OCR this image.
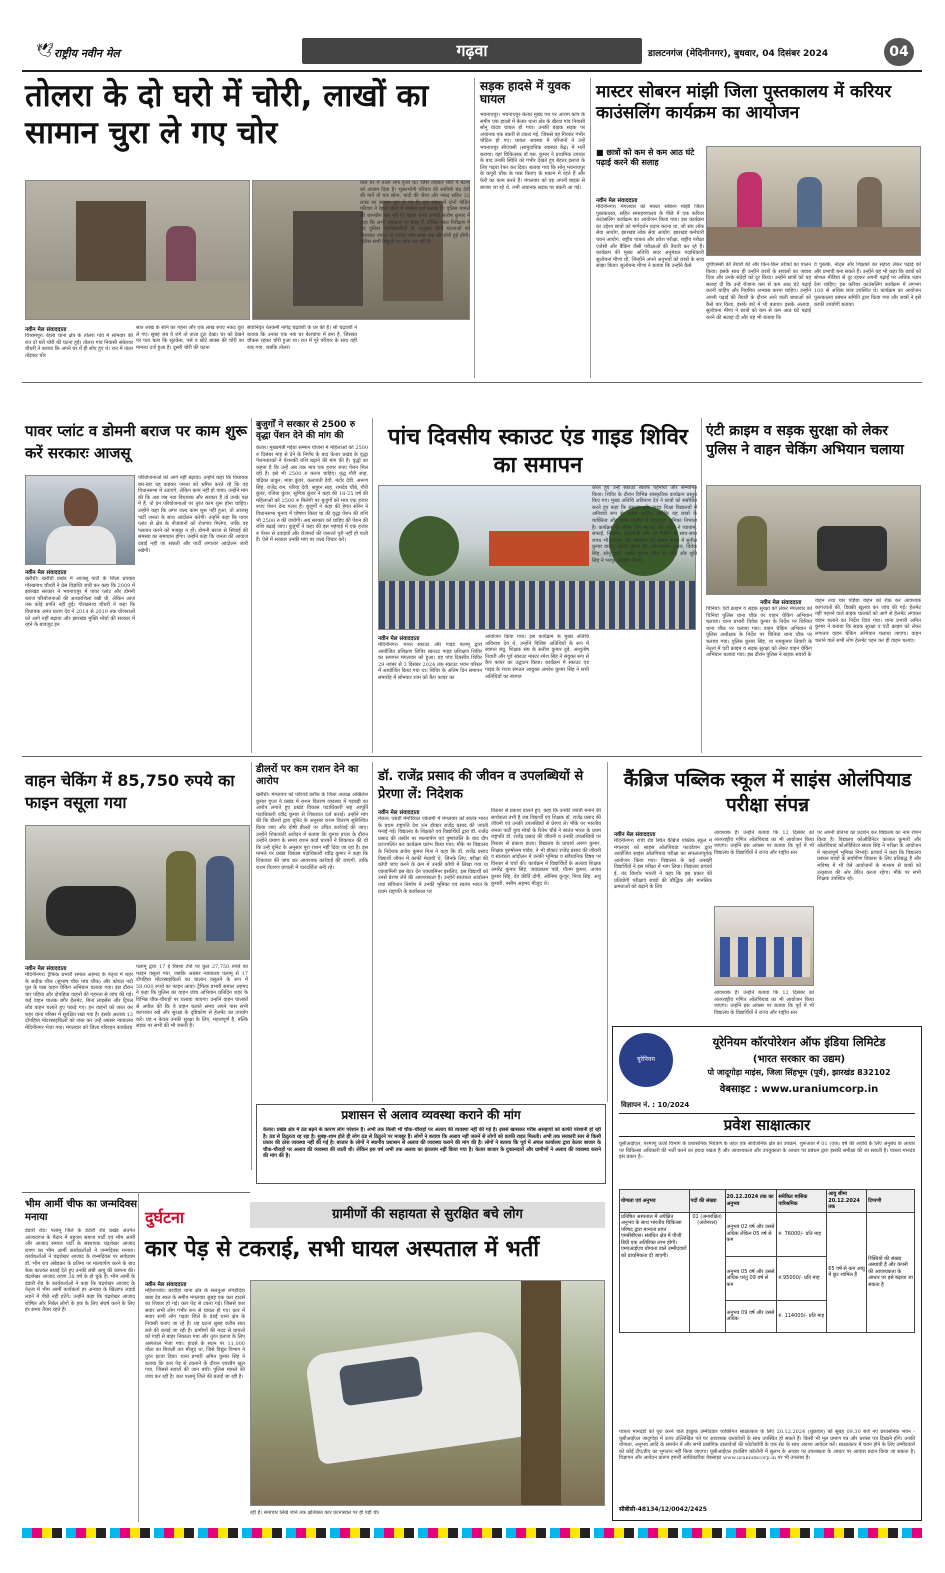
🕊 राष्ट्रीय नवीन मेल	गढ़वा	डालटनगंज (मेदिनीनगर), बुधवार, 04 दिसंबर 2024	04
तोलरा के दो घरो में चोरी, लाखों का सामान चुरा ले गए चोर
नवीन मेल संवाददाता
विश्रामपुर। रेहला थाना क्षेत्र के तोलरा गांव में सोमवार की रात दो घरों चोरी की घटना हुई। तोलरा गांव निवासी संकेश्वर चौधरी ने बताया कि अपने घर में ही सोए हुए थे। रात में ताला तोड़कर चोर
सात लाख के सोने का गहना और एक लाख रुपए नकद चुरा ले गए। सुबह जब वे जगे तो ताला टूटा देखा। घर को देखने पर पता चला कि सूटकेस, पर्स व छोटे बाक्स की चोरी का मामला दर्ज हुआ है। दूसरी चोरी की घटना
सेवानिवृत रेलकर्मी नागेंद्र चंद्रवंशी के घर की है। श्री चंद्रवंशी ने बताया कि उनका एक नया घर बेलचांपा में बना है, जिसका चौकस रहकर चोरी हुआ था। रात में पूरे परिवार के साथ वहीं रुक गया, जबकि तोलरा
वाले घर में ताला लगा हुआ था। जिसे तोड़कर चोरों ने घटना को अंजाम दिया है। भुक्तभोगी परिवार की सावित्री चंद्र देवी की मानें तो चार सोना, चांदी की जेवर और नकद सहित 32 लाख का सामान चुरा ले गए हैं। इस संबंध में दोनों पीड़ित परिवार ने रेहला थाना में मामला दर्ज कराया है। पुलिस मामले की छानबीन कर रही है। रेहला थाना प्रभारी संतोष कुमार ने कहा कि अभी अवकाश पर बाहर हैं, लेकिन स्थल निरीक्षण में गए पुलिस पदाधिकारियों के अनुसार दोनों घटनाओं को मिलाकर ज्यादा से ज्यादा पांच लाख तक की चोरी हुई होगी। पुलिस सभी बिंदुओं पर जांच कर रही है।
सड़क हादसे में युवक घायल
भवनाथपुर। भवनाथपुर-केतार मुख्य पथ पर आराम कांप के समीप एक हादसे में केतार थाना क्षेत्र के खैरवा गांव निवासी सोनू यादव घायल हो गया। उनकी बाइक सड़क पर अचानक एक बकरी से टकरा गई, जिससे वह गिरकर गंभीर चोटिल हो गए। घायल अवस्था में परिजनों ने उन्हें भवनाथपुर सीएचसी (सामुदायिक स्वास्थ्य केंद्र) में भर्ती कराया। वहां चिकित्सक डॉ एस. कुमार ने प्राथमिक उपचार के बाद उनकी स्थिति को गंभीर देखते हुए बेहतर इलाज के लिए गढ़वा रेफर कर दिया। बताया गया कि सोनू भवनाथपुर के कपूरी चौक के पास किराए के मकान में रहते हैं और फेरी का काम करते हैं। मंगलवार को वह अपनी बाइक से बाजार जा रहे थे, तभी अचानक सड़क पर बकरी आ गई।
मास्टर सोबरन मांझी जिला पुस्तकालय में करियर काउंसलिंग कार्यक्रम का आयोजन
■ छात्रों को कम से कम आठ घंटे पढ़ाई करने की सलाह
नवीन मेल संवाददाता
मेदिनीनगर। मंगलवार को मास्टर सोबरन मांझी जिला पुस्तकालय, सहित समाहरणालय के पीछे में एक करियर काउंसलिंग कार्यक्रम का आयोजन किया गया। इस कार्यक्रम का उद्देश्य छात्रों को मार्गदर्शन प्रदान करना था, जो संघ लोक सेवा आयोग, झारखंड लोक सेवा आयोग, झारखंड कर्मचारी चयन आयोग, राष्ट्रीय पात्रता और प्रवेश परीक्षा, राष्ट्रीय परीक्षा एजेंसी और बैंकिंग जैसी परीक्षाओं की तैयारी कर रहे हैं। कार्यक्रम की मुख्य अतिथि सदर अनुमंडल पदाधिकारी सुलोचना मीणा थीं, जिन्होंने अपने अनुभवों को छात्रों के साथ साझा किया। सुलोचना मीणा ने बताया कि उन्होंने कैसे	यूपीएससी की तैयारी की और किन-किन तरीकों का पालन किया। इसके साथ ही उन्होंने छात्रों के सवालों का जवाब दिया और उनके संदेहों को दूर किया। उन्होंने छात्रों को यह सलाह दी कि उन्हें रोजाना कम से कम आठ घंटे पढ़ाई करनी चाहिए और नियमित अभ्यास करना चाहिए। उन्होंने अपनी पढ़ाई की तैयारी के दौरान आने वाली बाधाओं को कैसे पार किया, इसके बारे में भी बताया। इसके अलावा, सुलोचना मीणा ने छात्रों को कम से कम आठ घंटे पढ़ाई करने की सलाह दी और यह भी बताया कि
वे पुस्तकें, नोट्स और शिक्षकों का सहारा लेकर पढ़ाई को और प्रभावी बना सकते हैं। उन्होंने यह भी कहा कि छात्रों को सोशल मीडिया से दूर रहकर अपनी पढ़ाई पर अधिक ध्यान देना चाहिए। इस करियर काउंसलिंग कार्यक्रम में लगभग 100 से अधिक छात्र उपस्थित थे। कार्यक्रम का आयोजन पुस्तकालय प्रबंधन समिति द्वारा किया गया और छात्रों ने इसे काफी उपयोगी बताया।
पावर प्लांट व डोमनी बराज पर काम शुरू करें सरकारः आजसू
नवीन मेल संवाददाता
खरौंधी। खरौंधी प्रखंड में आजसू पार्टी के जिला प्रवक्ता गोरखनाथ चौधरी ने प्रेस विज्ञप्ति जारी कर कहा कि 2009 में झारखंड सरकार ने भवनाथपुर में पावर प्लांट और डोमनी बराज परियोजनाओं की आधारशिला रखी थी, लेकिन आज तक कोई प्रगति नहीं हुई। गोरखनाथ चौधरी ने कहा कि विधायक अनंत प्रताप देव ने 2014 से 2019 तक योजनाओं को आगे नहीं बढ़ाया और झारखंड मुक्ति मोर्चा की सरकार में रहने के बावजूद इन
परियोजनाओं को आगे नहीं बढ़ाया। उन्होंने कहा कि विधायक बार-बार यह कहकर जनता को भ्रमित करते रहे कि वह विधानसभा में उठाएंगे, लेकिन काम नहीं हो पाया। उन्होंने मांग की कि अब जब नया विधायक और सरकार है तो उनके पक्ष में हैं, तो इन परियोजनाओं पर तुरंत काम शुरू होना चाहिए। उन्होंने कहा कि अगर जल्द काम शुरू नहीं हुआ, तो आजसू पार्टी जनता के साथ आंदोलन करेगी। उन्होंने कहा कि पावर प्लांट से क्षेत्र के नौजवानों को रोजगार मिलेगा, ताकि वह पलायन करने को मजबूर न हों। डोमनी बराज से सिंचाई की समस्या का समाधान होगा। उन्होंने कहा कि जनता की आवाज दबाई नहीं जा सकती और पार्टी लगातार आंदोलन जारी रखेगी।
बुजुर्गों ने सरकार से 2500 रु वृद्धा पेंशन देने की मांग की
केतार। मुख्यमंत्री मंईयां सम्मान योजना में महिलाओं को 2500 रु दिसंबर माह से देने के निर्णय के बाद केतार प्रखंड के वृद्धा पेंशनधारकों ने पेंशनकी राशि बढ़ाने की मांग की है। वृद्धों का कहना है कि उन्हें अब तक मात्र एक हजार रुपए पेंशन मिल रही है। इसे भी 2500 रु करना चाहिए। वृद्ध गौरी साह, चंद्रिका ठाकुर, माया कुंवर, कलावती देवी, मंटोर देवी, अरूण सिंह, राजेंद्र राम, परिया देवी, सत्रुघ्न साह, रामदेव चौबे, गौरी कुंवर, रजिया कुंवर, सुमित्रा कुंवर ने कहा की 18-25 वर्ष की महिलाओं को 2500 रु मिलेगी पर बुजुर्गों को मात्र एक हजार रुपए पेंशन देना गलत है। बुजुर्गों ने कहा की हेमंत सोरेन ने विधानसभा चुनाव में घोषणा किया था की वृद्धा पेंशन की राशि भी 2500 रु की जायेगी। अब सरकार को चाहिए की पेंशन की राशि बढ़ाई जाए। बुजुर्गों ने कहा की इस महंगाई में एक हजार रु पेंशन से दवाइयों और रोजमर्रा की जरूरतें पूरी नहीं हो पाती हैं। ऐसे में सरकार उनकी मांग पर जल्द विचार करे।
पांच दिवसीय स्काउट एंड गाइड शिविर का समापन
नवीन मेल संवाददाता
मेदिनीनगर। भारत स्काउट और गाइड पलामू द्वारा आयोजित प्रशिक्षण शिविर स्काउट गाइड प्रशिक्षण शिविर का समापन मंगलवार को हुआ। यह पांच दिवसीय शिविर 29 नवंबर से 3 दिसंबर 2024 तक स्काउट भवन परिसर में आयोजित किया गया था। शिविर के अंतिम दिन समापन समारोह में सोमवार शाम को कैंप फायर का
आयोजन किया गया। इस कार्यक्रम के मुख्य अतिथि अविनाश देव थे, उन्होंने विशिष्ट अतिथियों के रूप में स्वागत बंधु, शिक्षक संघ के सतीश कुमार दुबे, आशुतोष तिवारी और पूर्व स्काउट मास्टर रमेश सिंह ने संयुक्त रूप से कैंप फायर का उद्घाटन किया। कार्यक्रम में स्काउट एंड गाइड के राज्य संगठन आयुक्त अमरेश कुमार सिंह ने सभी अतिथियों का स्वागत
करते हुए उन्हें स्काउट स्कार्फ पहनाया और सम्मानित किया। शिविर के दौरान विभिन्न सांस्कृतिक कार्यक्रम प्रस्तुत किए गए। मुख्य अतिथि अविनाश देव ने छात्रों को संबोधित करते हुए कहा कि स्काउट और गाइड शिक्षा विद्यालयों में अनिवार्य रूप से चलना चाहिए, क्योंकि यह छात्रों के व्यक्तित्व और चरित्र निर्माण में महत्वपूर्ण भूमिका निभाता है। कार्यक्रम के अंतिम दिन स्काउट और गाइड ने व्यायाम, सफाई, नियंत्रण, इंडोलॉजी और टेंट पिचिंग के साथ-साथ शपथ भी कराया। इस कार्यक्रम को सफल बनाने में सुनील कुमार यादव, अमित कुमार झा, ओमप्रकाश कुमार, विवेक सिंह, सोनू शर्मा, प्रशांत कुमार, प्रिंस देव सिंह और श्रुति सिंह ने भरपूर सहयोग किया।
एंटी क्राइम व सड़क सुरक्षा को लेकर पुलिस ने वाहन चेकिंग अभियान चलाया
नवीन मेल संवाददाता
चिनियां। एंटी क्राइम व सड़क सुरक्षा को लेकर मंगलवार को चिनियां पुलिस थाना चौक पर वाहन चेकिंग अभियान चलाया। थाना प्रभारी विवेक कुमार के निर्देश पर चिनियां थाना चौक पर चलाया गया। वाहन चेकिंग अभियान में पुलिस अधीक्षक के निर्देश पर चिनियां थाना चौक पर चलाया गया। पुलिस कुमार सिंह, पा रामकुमार तिवारी के नेतृत्व में एंटी क्राइम व सड़क सुरक्षा को लेकर वाहन चेकिंग अभियान चलाया गया। इस दौरान पुलिस ने बाइक सवारों के
वाहन तथा चार पहिया वाहन को रोक कर आवश्यक कागजातों की, डिक्की खुलवा कर जांच की गई। हेलमेट नहीं पहनने वाले बाइक चालकों को आगे से हेलमेट लगाकर वाहन चलाने का निर्देश दिया गया। थाना प्रभारी अमित कुमार ने बताया कि सड़क सुरक्षा व एंटी क्राइम को लेकर लगातार वाहन चेकिंग अभियान चलाया जाएगा। वाहन चलाने वाले सभी लोग हेलमेट पहन कर ही वाहन चलाएं।
वाहन चेकिंग में 85,750 रुपये का फाइन वसूला गया
नवीन मेल संवाददाता
मेदिनीनगर। ट्रैफिक प्रभारी समाल अहमद के नेतृत्व में शहर के सदीक चौक (सुभाष चौक पांच चौक) और कोयल नदी पुल के पास वाहन चेकिंग अभियान चलाया गया। इस दौरान चार पहिया और दोपहिया वाहनों की गहनता से जांच की गई। कई वाहन चालक बगैर हेलमेट, बिना लाइसेंस और ट्रिपल लोड वाहन चलाते हुए पकड़े गए। इन वाहनों को जब्त कर शहर थाना परिसर में सुरक्षित रखा गया है। इसके अलावा 13 दोपहिया मोटरसाइकिलों को जब्त कर उन्हें अग्रसर न्यायालय मेदिनीनगर भेजा गया। मंगलवार को जिला परिवहन कार्यालय
पलामू द्वारा 17 ई रिक्शा टेंपो पर कुल 27,750 रुपये का फाइन वसूला गया, जबकि अग्रसर न्यायालय पलामू से 17 दोपहिया मोटरसाइकिलों का चालान वसूलने के रूप में 58,000 रुपये का फाइन आया। ट्रैफिक प्रभारी समाल अहमद ने कहा कि पुलिस का वाहन जांच अभियान प्रतिदिन शहर के विभिन्न चौक-चौराहों पर चलाया जाएगा। उन्होंने वाहन चालकों से अपील की कि वे वाहन चलाते समय अपने पास सभी कागजात रखें और सुरक्षा के दृष्टिकोण से हेलमेट का उपयोग करें। यह न केवल उनकी सुरक्षा के लिए, महत्वपूर्ण है, बल्कि सड़क पर सभी की भी जरूरी है।
डीलरों पर कम राशन देने का आरोप
खरौंधी। मंगलवार को फॉरवर्ड ब्लॉक के जिला अध्यक्ष अखिलेश कुमार गुप्ता ने प्रखंड में राशन वितरण व्यवस्था में गड़बड़ी का आरोप लगाते हुए प्रखंड विकास पदाधिकारी सह आपूर्ति पदाधिकारी रवींद्र कुमार से शिकायत दर्ज कराई। उन्होंने मांग की कि डीलरों द्वारा यूनिट के अनुसार राशन वितरण सुनिश्चित किया जाए और दोषी डीलरों पर उचित कार्रवाई की जाए। उन्होंने शिकायती आवेदन में बताया कि चुनाव प्रचार के दौरान उन्होंने प्रमाण के समय राशन कार्ड धारकों ने शिकायत की थी कि उन्हें यूनिट के अनुसार पूरा राशन नहीं दिया जा रहा है। इस मामले पर प्रखंड विकास पदाधिकारी रवींद्र कुमार ने कहा कि शिकायत की जांच कर आवश्यक कार्रवाई की जाएगी, ताकि राशन वितरण प्रणाली में पारदर्शिता बनी रहे।
डॉ. राजेंद्र प्रसाद की जीवन व उपलब्धियों से प्रेरणा लें: निदेशक
नवीन मेल संवाददाता
मेराल। एसडी मेमोरियल एकेडमी में मंगलवार को स्वतंत्र भारत के प्रथम राष्ट्रपति देश रत्न डॉक्टर राजेंद्र प्रसाद की जयंती मनाई गई। विद्यालय के शिक्षकों एवं विद्यार्थियों द्वारा डॉ. राजेंद्र प्रसाद की तस्वीर पर माल्यार्पण एवं पुष्पांजलि के बाद दीप प्रज्ज्वलित कर कार्यक्रम प्रारंभ किया गया। मौके पर विद्यालय के निदेशक ब्रजेश कुमार मिश्र ने कहा कि डॉ. राजेंद्र प्रसाद विद्यार्थी जीवन में काफी मेधावी थे, जिनके लिए, परीक्षा की कॉपी जांच करने के क्रम में उनकी कॉपी में लिखा गया था एक्जामिनी इस बेटर देन एक्जामिनर इसलिए, इस विद्यार्थी को उनसे प्रेरणा लेने की आवश्यकता है। उन्होंने स्वतंत्रता आंदोलन तथा संविधान निर्माण में उनकी भूमिका एवं स्वतंत्र भारत के प्रथम राष्ट्रपति के कार्यकाल पर
विस्तार से प्रकाश डालते हुए, कहा कि उनकी जयंती मनाने की सार्थकता तभी है जब विद्यार्थी एवं शिक्षक डॉ. राजेंद्र प्रसाद की जीवनी एवं उनकी उपलब्धियों से प्रेरणा लें। मौके पर भारतीय जनता पार्टी युवा मोर्चा के रितेश चौबे ने स्वतंत्र भारत के प्रथम राष्ट्रपति डॉ. राजेंद्र प्रसाद की जीवनी व उनकी उपलब्धियों पर विस्तार से प्रकाश डाला। विद्यालय के प्राचार्य अरुण कुमार, शिक्षक पुरुषोत्तम पांडेय, ने भी डॉक्टर राजेंद्र प्रसाद की जीवनी व स्वतंत्रता आंदोलन में उनकी भूमिका व संवैधानिक विषय पर विस्तार से चर्चा की। कार्यक्रम में विद्यार्थियों के अलावा शिक्षक अमरेंद्र कुमार सिंह, जयप्रकाश पांडे, गौतम कुमार, अजय कुमार सिंह, देव कीर्ति दोगी, ओनिमा कुजूर, मिथा सिंह, अंशु कुमारी, नसीम अहमद मौजूद थे।
कैंब्रिज पब्लिक स्कूल में साइंस ओलंपियाड परीक्षा संपन्न
नवीन मेल संवाददाता
मेदिनीनगर। रांची रोड स्थित कैंब्रिज पब्लिक स्कूल में मंगलवार को साइंस ओलंपियाड फाउंडेशन द्वारा आयोजित साइंस ओलंपियाड परीक्षा का सफलतापूर्वक आयोजन किया गया। विद्यालय के कई उत्साही विद्यार्थियों ने इस परीक्षा में भाग लिया। विद्यालय प्राचार्य ई. नंद किशोर भारती ने कहा कि इस प्रकार की प्रतियोगी परीक्षाएं बच्चों की बौद्धिक और मानसिक क्षमताओं को बढ़ाने के लिए
आवश्यक हैं। उन्होंने बताया कि 12 दिसंबर को अंतरराष्ट्रीय गणित ओलंपियाड का भी आयोजन किया जाएगा। उन्होंने इस अवसर पर बताया कि पूर्व में भी विद्यालय के विद्यार्थियों ने राज्य और राष्ट्रीय स्तर
आवश्यक हैं। उन्होंने बताया कि 12 दिसंबर को अंतरराष्ट्रीय गणित ओलंपियाड का भी आयोजन किया जाएगा। उन्होंने इस अवसर पर बताया कि पूर्व में भी विद्यालय के विद्यार्थियों ने राज्य और राष्ट्रीय स्तर
पर अपनी प्रतिभा का प्रदर्शन कर विद्यालय का नाम रोशन किया है। विद्यालय कोऑर्डिनेटर काजल कुमारी और ओलंपियाड कोऑर्डिनेटर संध्या सिंह ने परीक्षा के आयोजन में महत्वपूर्ण भूमिका निभाई। प्राचार्य ने कहा कि विद्यालय प्रबंधन बच्चों के सर्वांगीण विकास के लिए प्रतिबद्ध है और भविष्य में भी ऐसे आयोजनों के माध्यम से छात्रों को उत्कृष्टता की ओर प्रेरित करता रहेगा। मौके पर सभी शिक्षक उपस्थित रहे।
प्रशासन से अलाव व्यवस्था कराने की मांग
केतार। प्रखंड क्षेत्र में ठंड बढ़ने के कारण लोग परेशान हैं। अभी तक किसी भी चौक-चौराहों पर अलाव की व्यवस्था नहीं की गई है। इससे खासकर गरीब असहायों को काफी परेशानी हो रही है। ठंड से ठिठुरता रह रहा है। सुबह-शाम होते ही लोग ठंड से ठिठुरने पर मजबूर हैं। लोगों ने बताया कि अलाव नहीं जलने से लोगों को काफी राहत मिलती। अभी तक सरकारी स्तर से किसी प्रकार की ठोस व्यवस्था नहीं की गई है। बाजार के लोगों ने स्थानीय प्रशासन से अलाव की व्यवस्था कराने की मांग की है। लोगों ने बताया कि पूर्व में अंचल कार्यालय द्वारा केतार बाजार के चौक-चौराहों पर अलाव की व्यवस्था की जाती थी। लेकिन इस वर्ष अभी तक अलाव का इंतजाम नहीं किया गया है। केतार बाजार के दुकानदारों और ग्रामीणों ने अलाव की व्यवस्था कराने की मांग की है।
भीम आर्मी चीफ का जन्मदिवस मनाया
डंडारी रोड। पलामू जिले के डंडारी रोड प्रखंड अंतर्गत आजादगंज के मैदान में बहुजन समाज पार्टी एवं भीम आर्मी और आजाद समाज पार्टी के संस्थापक चंद्रशेखर आजाद रावण का भीम आर्मी कार्यकर्ताओं ने जन्मदिवस मनाया। कार्यकर्ताओं ने चंद्रशेखर आजाद के जन्मदिवस पर सर्वप्रथम डॉ. भीम राव अंबेडकर के प्रतिमा पर माल्यार्पण करने के बाद केक काटकर बधाई देते हुए उनकी लंबी आयु की कामना की। चंद्रशेखर आजाद रावण 38 वर्ष के हो चुके हैं। भीम आर्मी के डंडारी रोड के कार्यकर्ताओं ने कहा कि चंद्रशेखर आजाद के नेतृत्व में भीम आर्मी कार्यकर्ता हर अन्याय के खिलाफ लड़ाई लड़ने में पीछे नहीं हटेंगे। उन्होंने कहा कि चंद्रशेखर आजाद शोषित और निर्बल लोगों के हक के लिए संघर्ष करने के लिए हर समय तैयार रहते हैं।
दुर्घटना	ग्रामीणों की सहायता से सुरक्षित बचे लोग
कार पेड़ से टकराई, सभी घायल अस्पताल में भर्ती
नवीन मेल संवाददाता
महिशाथांड। बरडीहा थाना क्षेत्र के सलतुआ लंगड़ीदेवा बाबा देव स्थल के समीप मंगलवार सुबह एक कार हादसे का शिकार हो गई। कार पेड़ से टकरा गई। जिससे कार सवार सभी लोग गंभीर रूप से घायल हो गए। कार में सवार सभी लोग गढ़वा जिले के डंडई थाना क्षेत्र के निवासी बताए जा रहे हैं। यह घटना सुबह करीब सात बजे की बताई जा रही है। ग्रामीणों की मदद से घायलों को गाड़ी से बाहर निकाला गया और तुरंत इलाज के लिए अस्पताल भेजा गया। हादसे के स्थान पर 11,000 वोल्ट का बिजली तार मौजूद था, जिसे विद्युत विभाग ने तुरंत हटवा दिया। थाना प्रभारी अमित कुमार सिंह ने बताया कि कार पेड़ से टकराने के दौरान एयरबैग खुल गया, जिससे सवारों की जान बची। पुलिस मामले की जांच कर रही है। कार पलामू जिले की बताई जा रही है।
रही है। समाचार लिखे जाने तक क्षतिग्रस्त कार घटनास्थल पर ही पड़ी थी।
यूरेनियम
यूरेनियम कॉरपोरेशन ऑफ इंडिया लिमिटेड
(भारत सरकार का उद्यम)
पो जादूगोड़ा माइंस, जिला सिंहभूम (पूर्व), झारखंड 832102
वेबसाइट : www.uraniumcorp.in
विज्ञापन नं. : 10/2024
प्रवेश साक्षात्कार
यूसीआईएल, परमाणु ऊर्जा विभाग के प्रशासनिक नियंत्रण के तहत एक सार्वजनिक क्षेत्र का उपक्रम, शुरूआत में 01 (एक) वर्ष की अवधि के लिए अनुबंध के आधार पर चिकित्सा अधिकारी की भर्ती करने का इरादा रखता है और आवश्यकता और उपयुक्तता के आधार पर प्रबंधन द्वारा इसकी समीक्षा की जा सकती है। पात्रता मानदंड इस प्रकार है:-
योग्यता एवं अनुभव	पदों की संख्या	20.12.2024 तक का अनुभव	समेकित मासिक पारिश्रमिक	आयु सीमा 20.12.2024 तक	टिप्पणी
प्रतिष्ठित अस्पताल में अपेक्षित अनुभव के साथ भारतीय चिकित्सा परिषद द्वारा मान्यता प्राप्त एमबीबीएस। संबंधित क्षेत्र में पीजी डिग्री एक अतिरिक्त लाभ होगी। एमएआईएच योग्यता वाले उम्मीदवारों को प्राथमिकता दी जाएगी।	01 (अनारक्षित) (अजेनरल)	अनुभव 02 वर्ष और उससे अधिक लेकिन 05 वर्ष से कम	रु. 76000/- प्रति माह	65 वर्ष से कम आयु में छूट शामिल है	रिक्तियों की संख्या अस्थायी है और कंपनी की आवश्यकता के आधार पर इसे बढ़ाया जा सकता है
		अनुभव 05 वर्ष और उससे अधिक परंतु 09 वर्ष से कम	रु.95000/- प्रति माह		
		अनुभव 09 वर्ष और उससे अधिक	रु. 114000/- प्रति माह		
पात्रता मानदंडों को पूरा करने वाले इच्छुक उम्मीदवार व्यक्तिगत साक्षात्कार के लिए 20.12.2024 (शुक्रवार) को सुबह 09.30 बजे नए प्रशासनिक भवन - यूसीआईएल जादूगोड़ा में ऊपर उल्लिखित पते पर आवश्यक दस्तावेजों के साथ उपस्थित हो सकते हैं। किसी भी मूल प्रमाण पत्र और प्रशंसा पत्र दिखाने होंगे। उनकी योग्यता, अनुभव आदि के समर्थन में और सभी प्रासंगिक दस्तावेजों की फोटोकॉपी के एक सेट के साथ अवश्य आवेदन करें। साक्षात्कार में चयन होने के लिए उम्मीदवारों को कोई टीए/डीए का भुगतान नहीं किया जाएगा। यूसीआईएल हाउसिंग कॉलोनी में सुलभ के आधार पर उपलब्धता के आधार पर आवास प्रदान किया जा सकता है। विज्ञापन और आवेदन प्रारूप हमारी आधिकारिक वेबसाइट www.uraniumcorp.in पर भी उपलब्ध है।
सीबीसी-48134/12/0042/2425
